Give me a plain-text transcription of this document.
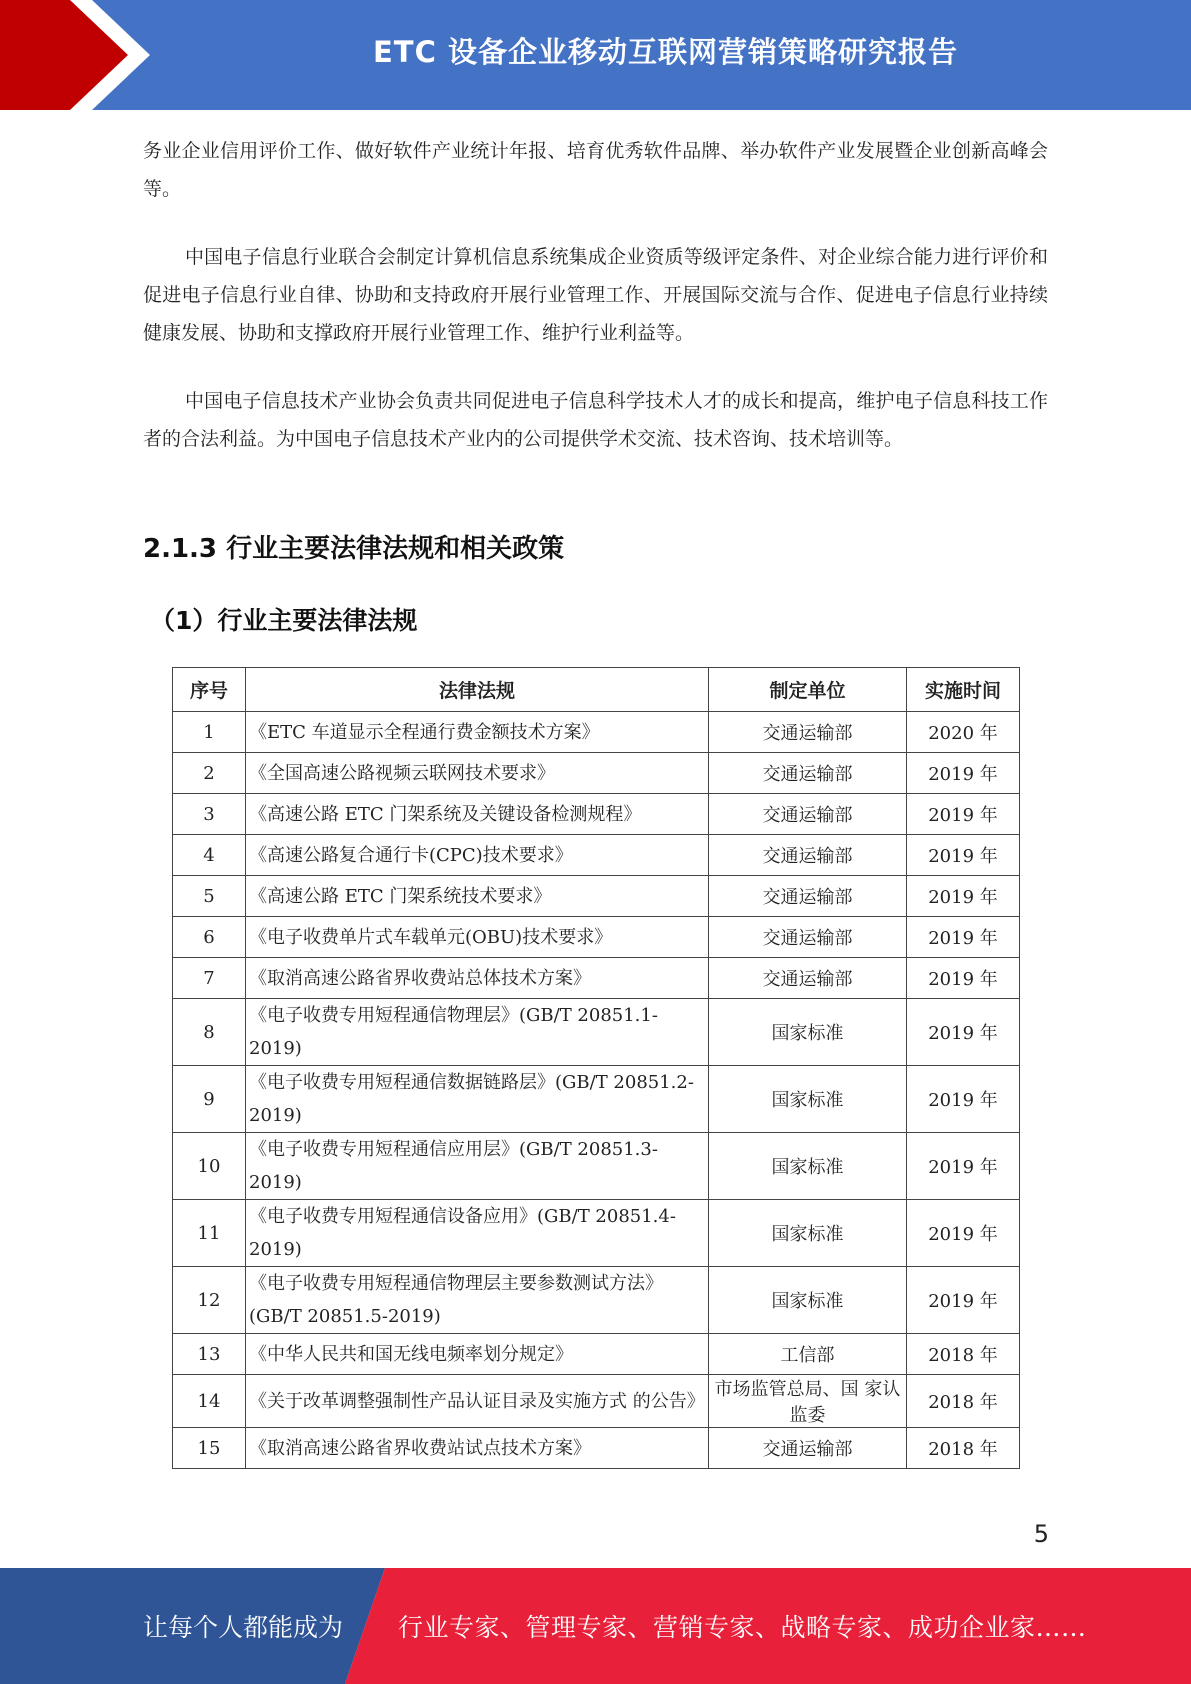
ETC 设备企业移动互联网营销策略研究报告

务业企业信用评价工作、做好软件产业统计年报、培育优秀软件品牌、举办软件产业发展暨企业创新高峰会等。

中国电子信息行业联合会制定计算机信息系统集成企业资质等级评定条件、对企业综合能力进行评价和促进电子信息行业自律、协助和支持政府开展行业管理工作、开展国际交流与合作、促进电子信息行业持续健康发展、协助和支撑政府开展行业管理工作、维护行业利益等。

中国电子信息技术产业协会负责共同促进电子信息科学技术人才的成长和提高，维护电子信息科技工作者的合法利益。为中国电子信息技术产业内的公司提供学术交流、技术咨询、技术培训等。

2.1.3 行业主要法律法规和相关政策
（1）行业主要法律法规
序号	法律法规	制定单位	实施时间
1	《ETC 车道显示全程通行费金额技术方案》	交通运输部	2020 年
2	《全国高速公路视频云联网技术要求》	交通运输部	2019 年
3	《高速公路 ETC 门架系统及关键设备检测规程》	交通运输部	2019 年
4	《高速公路复合通行卡(CPC)技术要求》	交通运输部	2019 年
5	《高速公路 ETC 门架系统技术要求》	交通运输部	2019 年
6	《电子收费单片式车载单元(OBU)技术要求》	交通运输部	2019 年
7	《取消高速公路省界收费站总体技术方案》	交通运输部	2019 年
8	《电子收费专用短程通信物理层》(GB/T 20851.1-2019)	国家标准	2019 年
9	《电子收费专用短程通信数据链路层》(GB/T 20851.2-2019)	国家标准	2019 年
10	《电子收费专用短程通信应用层》(GB/T 20851.3-2019)	国家标准	2019 年
11	《电子收费专用短程通信设备应用》(GB/T 20851.4-2019)	国家标准	2019 年
12	《电子收费专用短程通信物理层主要参数测试方法》(GB/T 20851.5-2019)	国家标准	2019 年
13	《中华人民共和国无线电频率划分规定》	工信部	2018 年
14	《关于改革调整强制性产品认证目录及实施方式 的公告》	市场监管总局、国 家认监委	2018 年
15	《取消高速公路省界收费站试点技术方案》	交通运输部	2018 年
5
让每个人都能成为 行业专家、管理专家、营销专家、战略专家、成功企业家……
